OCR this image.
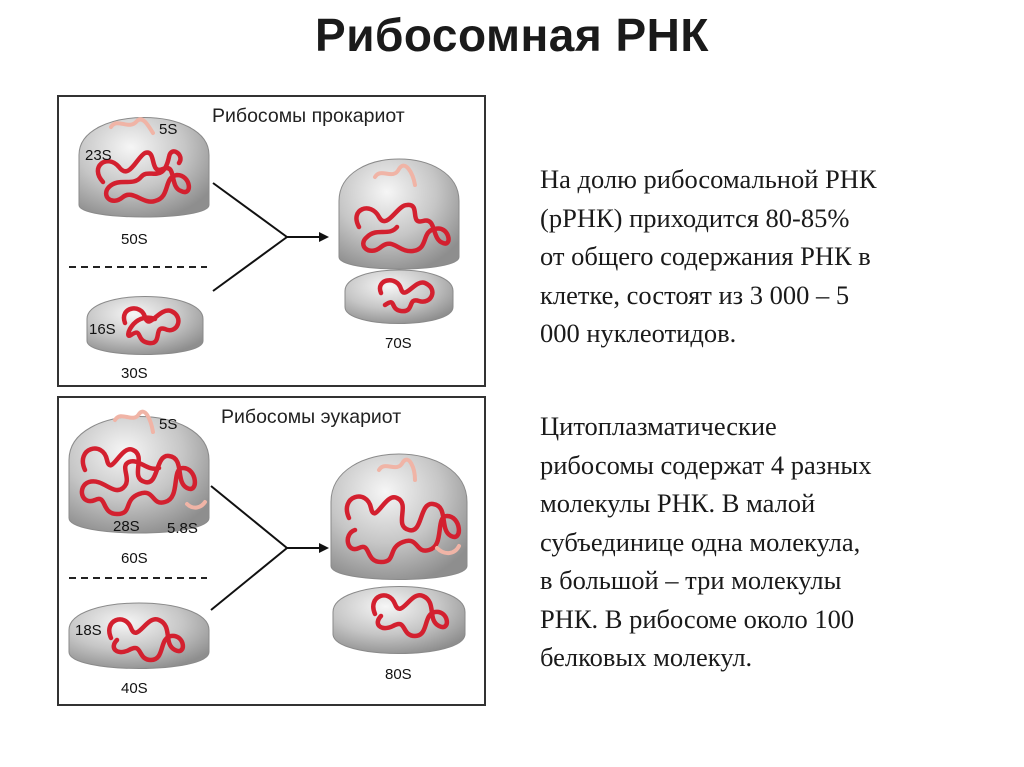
Рибосомная РНК
Рибосомы прокариот
5S
23S
50S
16S
30S
70S
Рибосомы эукариот
5S
28S 5.8S
60S
18S
40S
80S
На долю рибосомальной РНК
(рРНК) приходится 80-85%
от общего содержания РНК в
клетке, состоят из 3 000 – 5
000 нуклеотидов.
Цитоплазматические
рибосомы содержат 4 разных
молекулы РНК. В малой
субъединице одна молекула,
в большой – три молекулы
РНК. В рибосоме около 100
белковых молекул.
